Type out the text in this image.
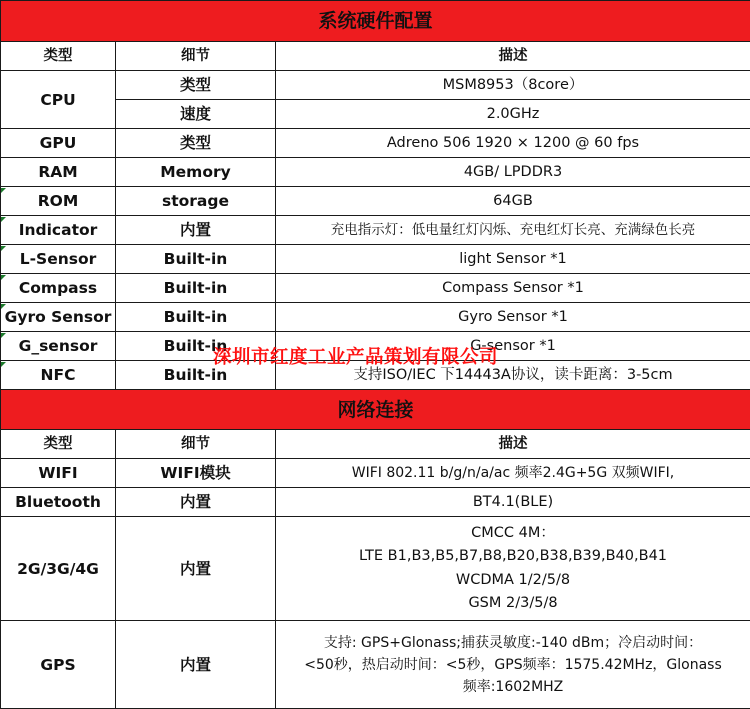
系统硬件配置		
类型	细节	描述
CPU	类型	MSM8953（8core）
	速度	2.0GHz
GPU	类型	Adreno 506 1920 × 1200 @ 60 fps
RAM	Memory	4GB/ LPDDR3
ROM	storage	64GB
Indicator	内置	充电指示灯：低电量红灯闪烁、充电红灯长亮、充满绿色长亮
L-Sensor	Built-in	light Sensor *1
Compass	Built-in	Compass Sensor *1
Gyro Sensor	Built-in	Gyro Sensor *1
G_sensor	Built-in	G-sensor *1
NFC	Built-in	支持ISO/IEC 下14443A协议，读卡距离：3-5cm
网络连接		
类型	细节	描述
WIFI	WIFI模块	WIFI 802.11 b/g/n/a/ac 频率2.4G+5G 双频WIFI,
Bluetooth	内置	BT4.1(BLE)
2G/3G/4G	内置	CMCC 4M：
LTE B1,B3,B5,B7,B8,B20,B38,B39,B40,B41
WCDMA 1/2/5/8
GSM 2/3/5/8

GPS	内置	支持: GPS+Glonass;捕获灵敏度:-140 dBm；冷启动时间：
<50秒，热启动时间：<5秒，GPS频率：1575.42MHz，Glonass
频率:1602MHZ
深圳市红度工业产品策划有限公司
